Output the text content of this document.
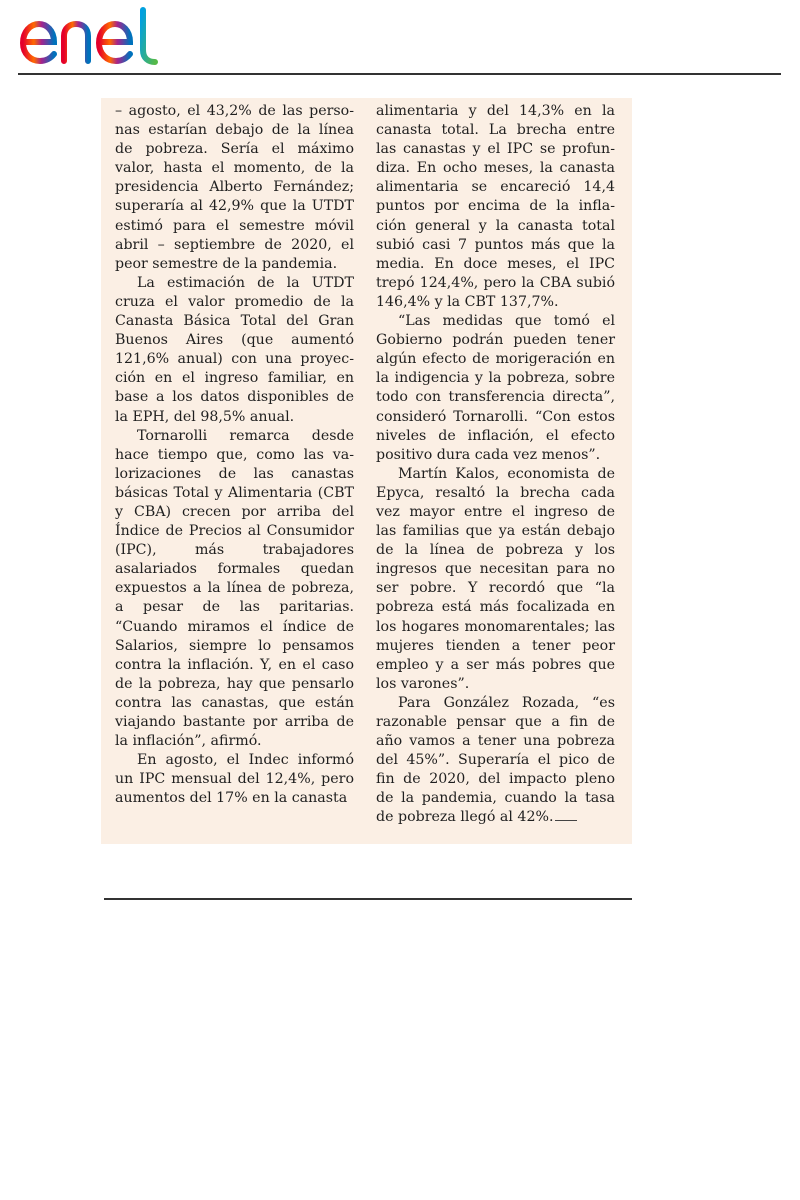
– agosto, el 43,2% de las personas estarían debajo de la línea de pobreza. Sería el máximo valor, hasta el momento, de la presidencia Alberto Fernández; superaría al 42,9% que la UTDT estimó para el semestre móvil abril – septiembre de 2020, el peor semestre de la pandemia.

La estimación de la UTDT cruza el valor promedio de la Canasta Básica Total del Gran Buenos Aires (que aumentó 121,6% anual) con una proyección en el ingreso familiar, en base a los datos disponibles de la EPH, del 98,5% anual.

Tornarolli remarca desde hace tiempo que, como las valorizaciones de las canastas básicas Total y Alimentaria (CBT y CBA) crecen por arriba del Índice de Precios al Consumidor (IPC), más trabajadores asalariados formales quedan expuestos a la línea de pobreza, a pesar de las paritarias. “Cuando miramos el índice de Salarios, siempre lo pensamos contra la inflación. Y, en el caso de la pobreza, hay que pensarlo contra las canastas, que están viajando bastante por arriba de la inflación”, afirmó.

En agosto, el Indec informó un IPC mensual del 12,4%, pero aumentos del 17% en la canasta

alimentaria y del 14,3% en la canasta total. La brecha entre las canastas y el IPC se profundiza. En ocho meses, la canasta alimentaria se encareció 14,4 puntos por encima de la inflación general y la canasta total subió casi 7 puntos más que la media. En doce meses, el IPC trepó 124,4%, pero la CBA subió 146,4% y la CBT 137,7%.

“Las medidas que tomó el Gobierno podrán pueden tener algún efecto de morigeración en la indigencia y la pobreza, sobre todo con transferencia directa”, consideró Tornarolli. “Con estos niveles de inflación, el efecto positivo dura cada vez menos”.

Martín Kalos, economista de Epyca, resaltó la brecha cada vez mayor entre el ingreso de las familias que ya están debajo de la línea de pobreza y los ingresos que necesitan para no ser pobre. Y recordó que “la pobreza está más focalizada en los hogares monomarentales; las mujeres tienden a tener peor empleo y a ser más pobres que los varones”.

Para González Rozada, “es razonable pensar que a fin de año vamos a tener una pobreza del 45%”. Superaría el pico de fin de 2020, del impacto pleno de la pandemia, cuando la tasa de pobreza llegó al 42%.
